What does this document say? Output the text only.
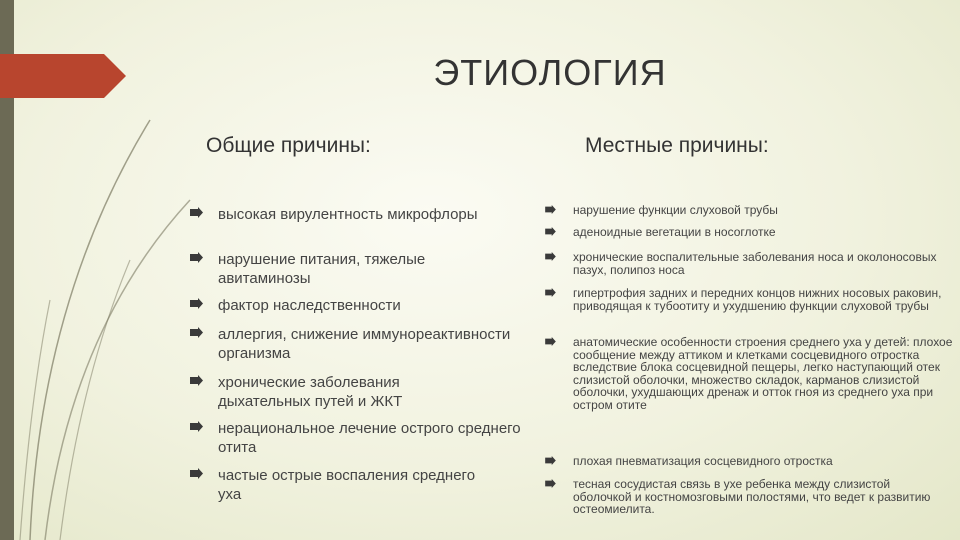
ЭТИОЛОГИЯ
Общие причины:	Местные причины:
высокая вирулентность микрофлоры
нарушение питания, тяжелые авитаминозы
фактор наследственности
аллергия, снижение иммунореактивности организма
хронические заболевания дыхательных путей и ЖКТ
нерациональное лечение острого среднего отита
частые острые воспаления среднего уха
нарушение функции слуховой трубы
аденоидные вегетации в носоглотке
хронические воспалительные заболевания носа и околоносовых пазух, полипоз носа
гипертрофия задних и передних концов нижних носовых раковин, приводящая к тубоотиту и ухудшению функции слуховой трубы
анатомические особенности строения среднего уха у детей: плохое сообщение между аттиком и клетками сосцевидного отростка вследствие блока сосцевидной пещеры, легко наступающий отек слизистой оболочки, множество складок, карманов слизистой оболочки, ухудшающих дренаж и отток гноя из среднего уха при остром отите
плохая пневматизация сосцевидного отростка
тесная сосудистая связь в ухе ребенка между слизистой оболочкой и костномозговыми полостями, что ведет к развитию остеомиелита.
